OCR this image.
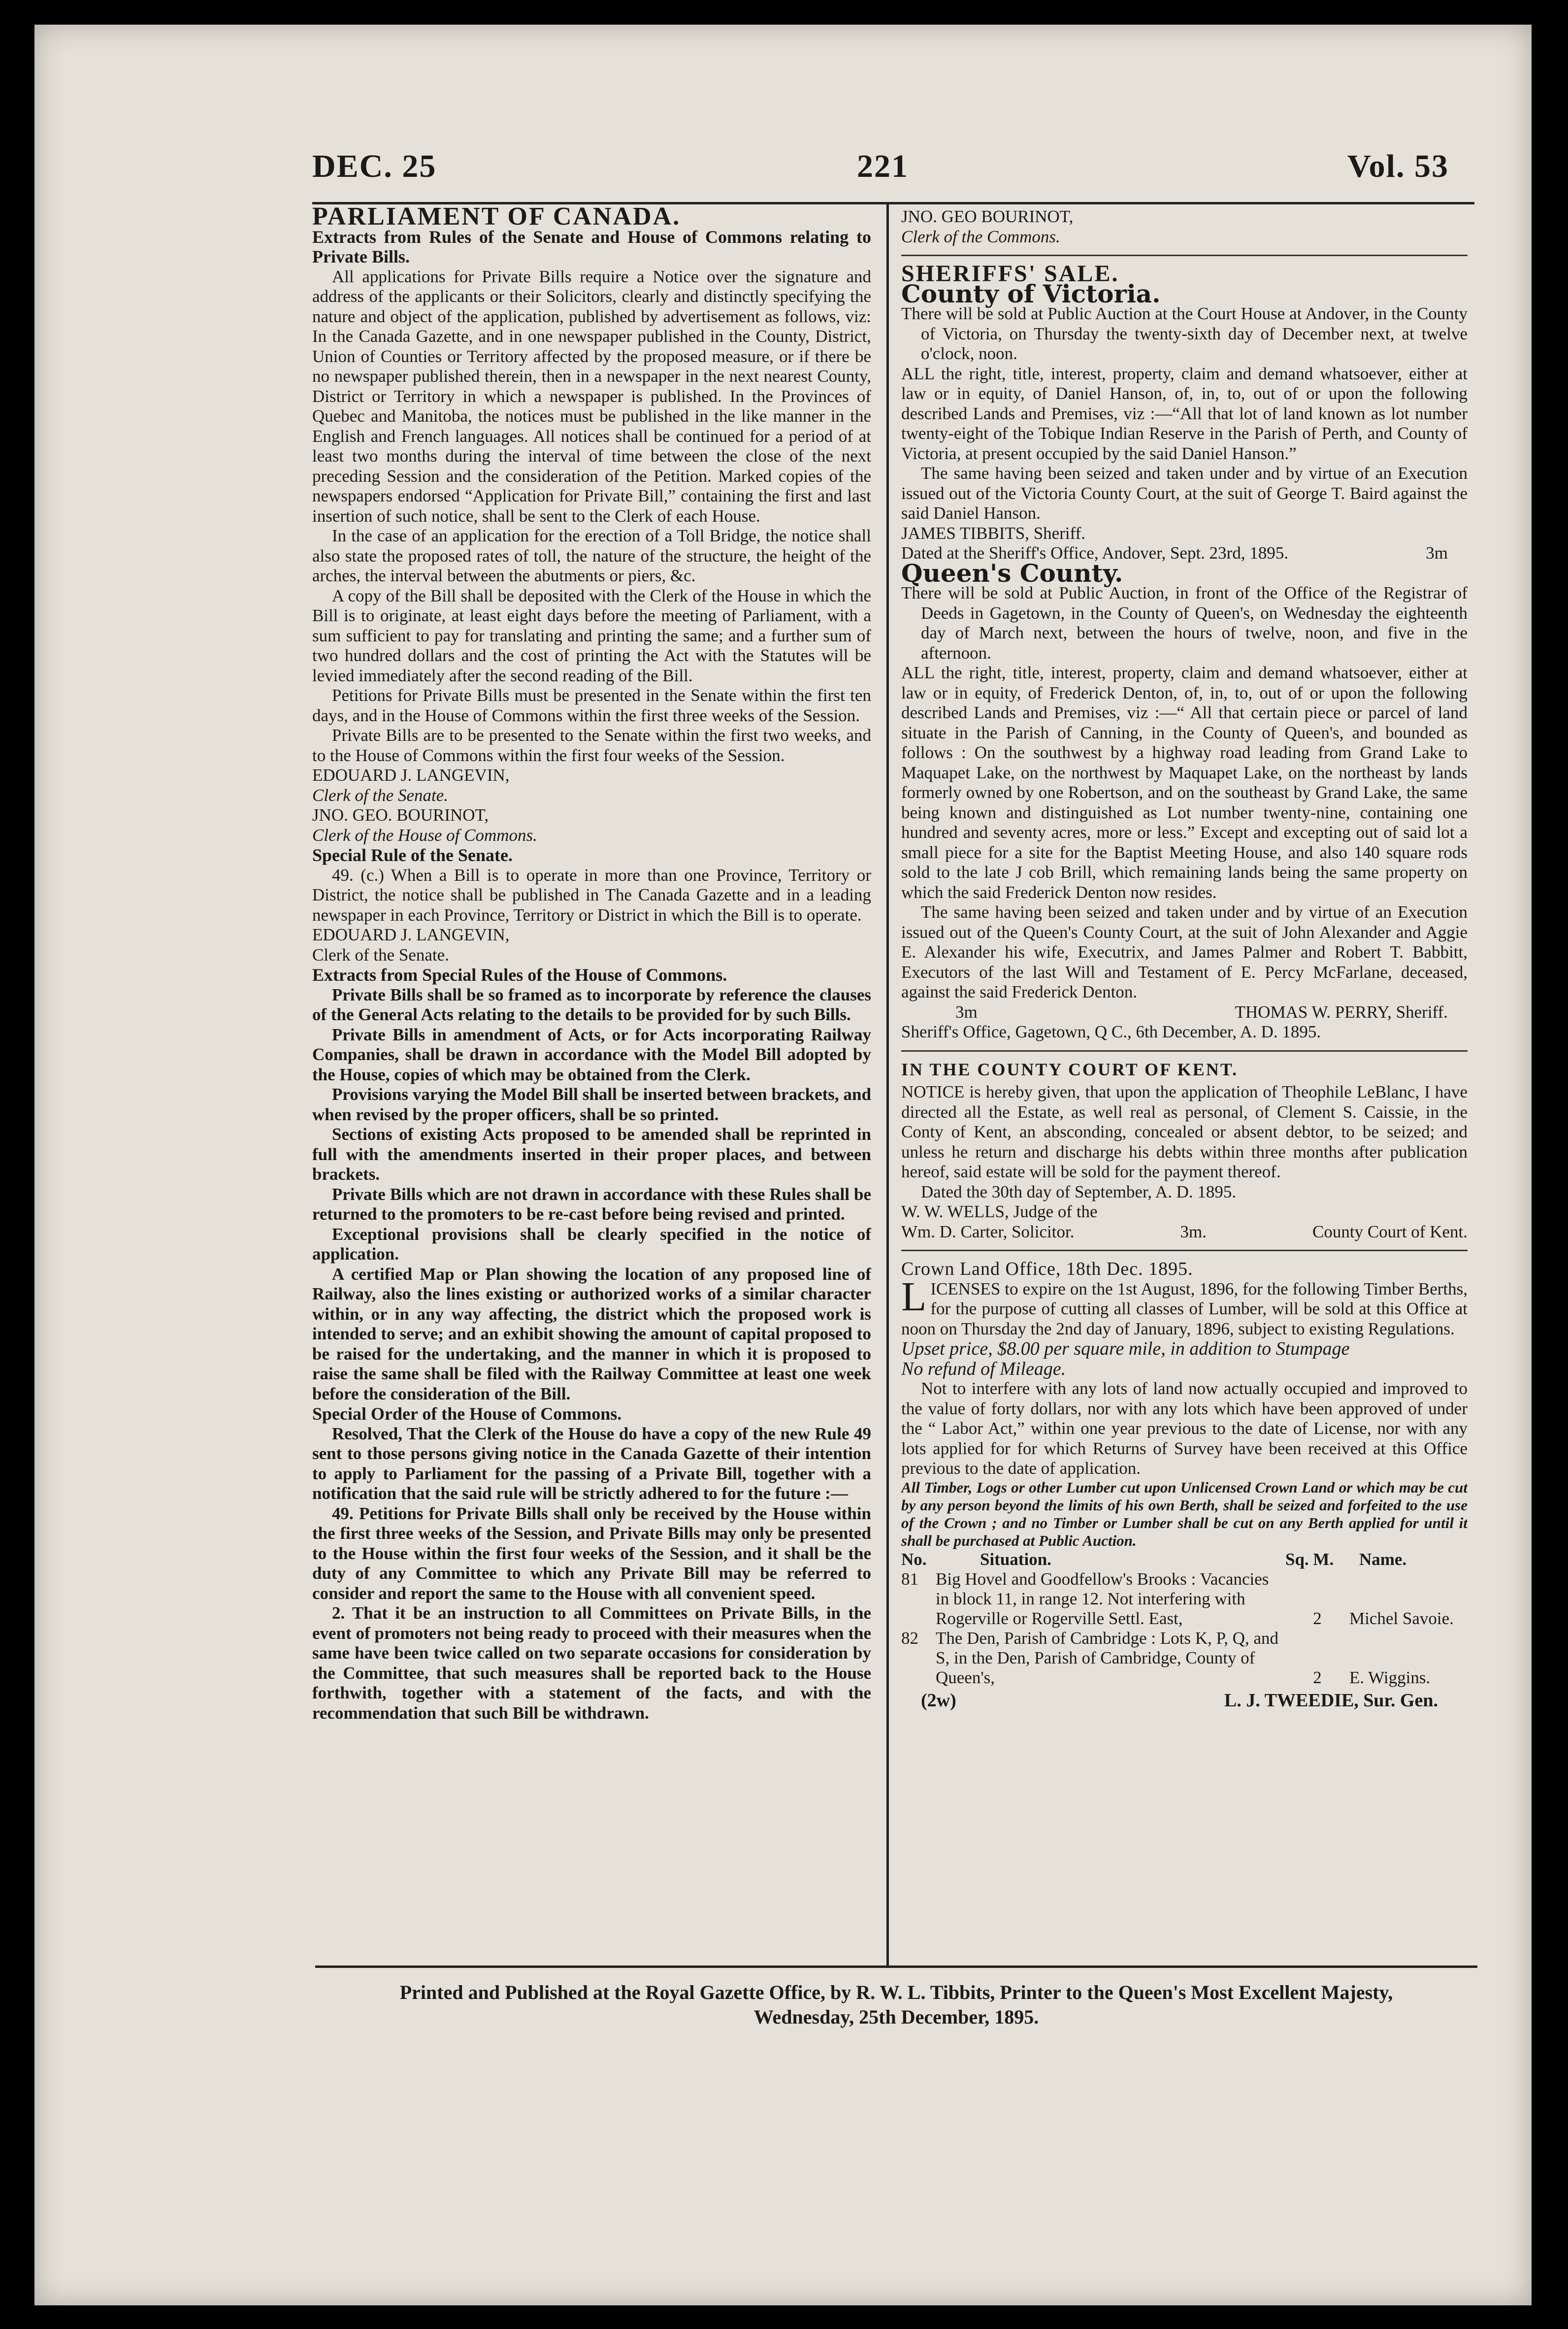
DEC. 25	221	Vol. 53

PARLIAMENT OF CANADA.

Extracts from Rules of the Senate and House of Commons relating to Private Bills.

All applications for Private Bills require a Notice over the signature and address of the applicants or their Solicitors, clearly and distinctly specifying the nature and object of the application, published by advertisement as follows, viz: In the Canada Gazette, and in one newspaper published in the County, District, Union of Counties or Territory affected by the proposed measure, or if there be no newspaper published therein, then in a newspaper in the next nearest County, District or Territory in which a newspaper is published. In the Provinces of Quebec and Manitoba, the notices must be published in the like manner in the English and French languages. All notices shall be continued for a period of at least two months during the interval of time between the close of the next preceding Session and the consideration of the Petition. Marked copies of the newspapers endorsed “Application for Private Bill,” containing the first and last insertion of such notice, shall be sent to the Clerk of each House.

In the case of an application for the erection of a Toll Bridge, the notice shall also state the proposed rates of toll, the nature of the structure, the height of the arches, the interval between the abutments or piers, &c.

A copy of the Bill shall be deposited with the Clerk of the House in which the Bill is to originate, at least eight days before the meeting of Parliament, with a sum sufficient to pay for translating and printing the same; and a further sum of two hundred dollars and the cost of printing the Act with the Statutes will be levied immediately after the second reading of the Bill.

Petitions for Private Bills must be presented in the Senate within the first ten days, and in the House of Commons within the first three weeks of the Session.

Private Bills are to be presented to the Senate within the first two weeks, and to the House of Commons within the first four weeks of the Session.

EDOUARD J. LANGEVIN,

Clerk of the Senate.

JNO. GEO. BOURINOT,

Clerk of the House of Commons.

Special Rule of the Senate.

49. (c.) When a Bill is to operate in more than one Province, Territory or District, the notice shall be published in The Canada Gazette and in a leading newspaper in each Province, Territory or District in which the Bill is to operate.

EDOUARD J. LANGEVIN,

Clerk of the Senate.

Extracts from Special Rules of the House of Commons.

Private Bills shall be so framed as to incorporate by reference the clauses of the General Acts relating to the details to be provided for by such Bills.

Private Bills in amendment of Acts, or for Acts incorporating Railway Companies, shall be drawn in accordance with the Model Bill adopted by the House, copies of which may be obtained from the Clerk.

Provisions varying the Model Bill shall be inserted between brackets, and when revised by the proper officers, shall be so printed.

Sections of existing Acts proposed to be amended shall be reprinted in full with the amendments inserted in their proper places, and between brackets.

Private Bills which are not drawn in accordance with these Rules shall be returned to the promoters to be re-cast before being revised and printed.

Exceptional provisions shall be clearly specified in the notice of application.

A certified Map or Plan showing the location of any proposed line of Railway, also the lines existing or authorized works of a similar character within, or in any way affecting, the district which the proposed work is intended to serve; and an exhibit showing the amount of capital proposed to be raised for the undertaking, and the manner in which it is proposed to raise the same shall be filed with the Railway Committee at least one week before the consideration of the Bill.

Special Order of the House of Commons.

Resolved, That the Clerk of the House do have a copy of the new Rule 49 sent to those persons giving notice in the Canada Gazette of their intention to apply to Parliament for the passing of a Private Bill, together with a notification that the said rule will be strictly adhered to for the future :—

49. Petitions for Private Bills shall only be received by the House within the first three weeks of the Session, and Private Bills may only be presented to the House within the first four weeks of the Session, and it shall be the duty of any Committee to which any Private Bill may be referred to consider and report the same to the House with all convenient speed.

2. That it be an instruction to all Committees on Private Bills, in the event of promoters not being ready to proceed with their measures when the same have been twice called on two separate occasions for consideration by the Committee, that such measures shall be reported back to the House forthwith, together with a statement of the facts, and with the recommendation that such Bill be withdrawn.

JNO. GEO BOURINOT,

Clerk of the Commons.

SHERIFFS' SALE.

County of Victoria.

There will be sold at Public Auction at the Court House at Andover, in the County of Victoria, on Thursday the twenty-sixth day of December next, at twelve o'clock, noon.

ALL the right, title, interest, property, claim and demand whatsoever, either at law or in equity, of Daniel Hanson, of, in, to, out of or upon the following described Lands and Premises, viz :—“All that lot of land known as lot number twenty-eight of the Tobique Indian Reserve in the Parish of Perth, and County of Victoria, at present occupied by the said Daniel Hanson.”

The same having been seized and taken under and by virtue of an Execution issued out of the Victoria County Court, at the suit of George T. Baird against the said Daniel Hanson.

JAMES TIBBITS, Sheriff.

Dated at the Sheriff's Office, Andover, Sept. 23rd, 1895.	3m

Queen's County.

There will be sold at Public Auction, in front of the Office of the Registrar of Deeds in Gagetown, in the County of Queen's, on Wednesday the eighteenth day of March next, between the hours of twelve, noon, and five in the afternoon.

ALL the right, title, interest, property, claim and demand whatsoever, either at law or in equity, of Frederick Denton, of, in, to, out of or upon the following described Lands and Premises, viz :—“ All that certain piece or parcel of land situate in the Parish of Canning, in the County of Queen's, and bounded as follows : On the southwest by a highway road leading from Grand Lake to Maquapet Lake, on the northwest by Maquapet Lake, on the northeast by lands formerly owned by one Robertson, and on the southeast by Grand Lake, the same being known and distinguished as Lot number twenty-nine, containing one hundred and seventy acres, more or less.” Except and excepting out of said lot a small piece for a site for the Baptist Meeting House, and also 140 square rods sold to the late J cob Brill, which remaining lands being the same property on which the said Frederick Denton now resides.

The same having been seized and taken under and by virtue of an Execution issued out of the Queen's County Court, at the suit of John Alexander and Aggie E. Alexander his wife, Executrix, and James Palmer and Robert T. Babbitt, Executors of the last Will and Testament of E. Percy McFarlane, deceased, against the said Frederick Denton.

3m	THOMAS W. PERRY, Sheriff.

Sheriff's Office, Gagetown, Q C., 6th December, A. D. 1895.

IN THE COUNTY COURT OF KENT.

NOTICE is hereby given, that upon the application of Theophile LeBlanc, I have directed all the Estate, as well real as personal, of Clement S. Caissie, in the Conty of Kent, an absconding, concealed or absent debtor, to be seized; and unless he return and discharge his debts within three months after publication hereof, said estate will be sold for the payment thereof.

Dated the 30th day of September, A. D. 1895.

W. W. WELLS, Judge of the

Wm. D. Carter, Solicitor.	3m.	County Court of Kent.

Crown Land Office, 18th Dec. 1895.

LICENSES to expire on the 1st August, 1896, for the following Timber Berths, for the purpose of cutting all classes of Lumber, will be sold at this Office at noon on Thursday the 2nd day of January, 1896, subject to existing Regulations.

Upset price, $8.00 per square mile, in addition to Stumpage

No refund of Mileage.

Not to interfere with any lots of land now actually occupied and improved to the value of forty dollars, nor with any lots which have been approved of under the “ Labor Act,” within one year previous to the date of License, nor with any lots applied for for which Returns of Survey have been received at this Office previous to the date of application.

All Timber, Logs or other Lumber cut upon Unlicensed Crown Land or which may be cut by any person beyond the limits of his own Berth, shall be seized and forfeited to the use of the Crown ; and no Timber or Lumber shall be cut on any Berth applied for until it shall be purchased at Public Auction.

No.	Situation.	Sq. M.	Name.
81	Big Hovel and Goodfellow's Brooks : Vacancies in block 11, in range 12. Not interfering with Rogerville or Rogerville Settl. East,	2	Michel Savoie.
82	The Den, Parish of Cambridge : Lots K, P, Q, and S, in the Den, Parish of Cambridge, County of Queen's,	2	E. Wiggins.
(2w)	L. J. TWEEDIE, Sur. Gen.
Printed and Published at the Royal Gazette Office, by R. W. L. Tibbits, Printer to the Queen's Most Excellent Majesty,
Wednesday, 25th December, 1895.
